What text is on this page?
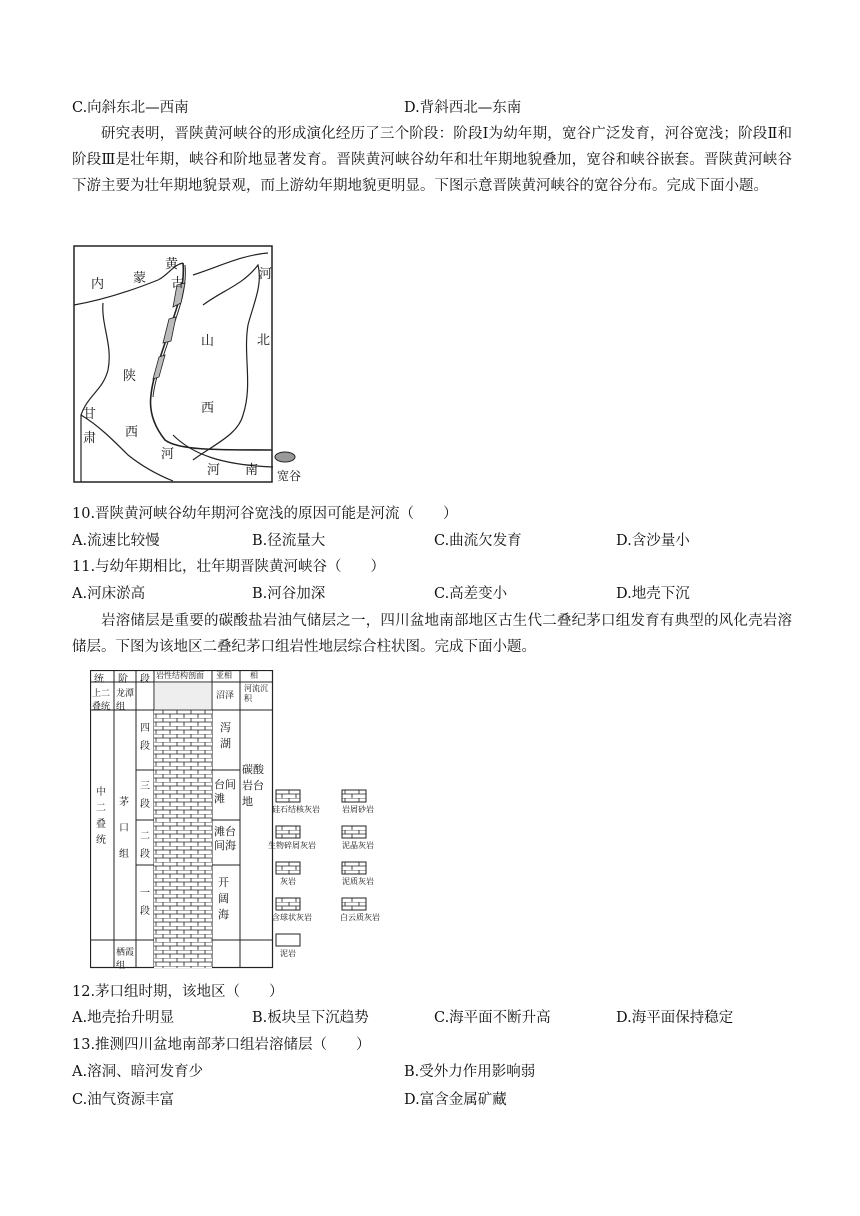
C.向斜东北—西南	D.背斜西北—东南
研究表明，晋陕黄河峡谷的形成演化经历了三个阶段：阶段Ⅰ为幼年期，宽谷广泛发育，河谷宽浅；阶段Ⅱ和阶段Ⅲ是壮年期，峡谷和阶地显著发育。晋陕黄河峡谷幼年和壮年期地貌叠加，宽谷和峡谷嵌套。晋陕黄河峡谷下游主要为壮年期地貌景观，而上游幼年期地貌更明显。下图示意晋陕黄河峡谷的宽谷分布。完成下面小题。
黄
古
河
内 蒙
山	北
陕
西
西
甘
肃
河
河 南 宽谷
10.晋陕黄河峡谷幼年期河谷宽浅的原因可能是河流（　　）
A.流速比较慢	B.径流量大	C.曲流欠发育	D.含沙量小
11.与幼年期相比，壮年期晋陕黄河峡谷（　　）
A.河床淤高	B.河谷加深	C.高差变小	D.地壳下沉
岩溶储层是重要的碳酸盐岩油气储层之一，四川盆地南部地区古生代二叠纪茅口组发育有典型的风化壳岩溶储层。下图为该地区二叠纪茅口组岩性地层综合柱状图。完成下面小题。
统 阶 段 岩性结构剖面 亚相 相
上二叠统
龙潭组
中二叠统
茅口组
栖霞组
四段
三段
二段
一段
沼泽
泻湖
台间滩
滩台间海
开阔海
河流沉积
碳酸岩台地
硅石结核灰岩	岩屑砂岩
生物碎屑灰岩	泥晶灰岩
灰岩	泥质灰岩
含球状灰岩	白云质灰岩
泥岩
12.茅口组时期，该地区（　　）
A.地壳抬升明显	B.板块呈下沉趋势	C.海平面不断升高	D.海平面保持稳定
13.推测四川盆地南部茅口组岩溶储层（　　）
A.溶洞、暗河发育少	B.受外力作用影响弱
C.油气资源丰富	D.富含金属矿藏
